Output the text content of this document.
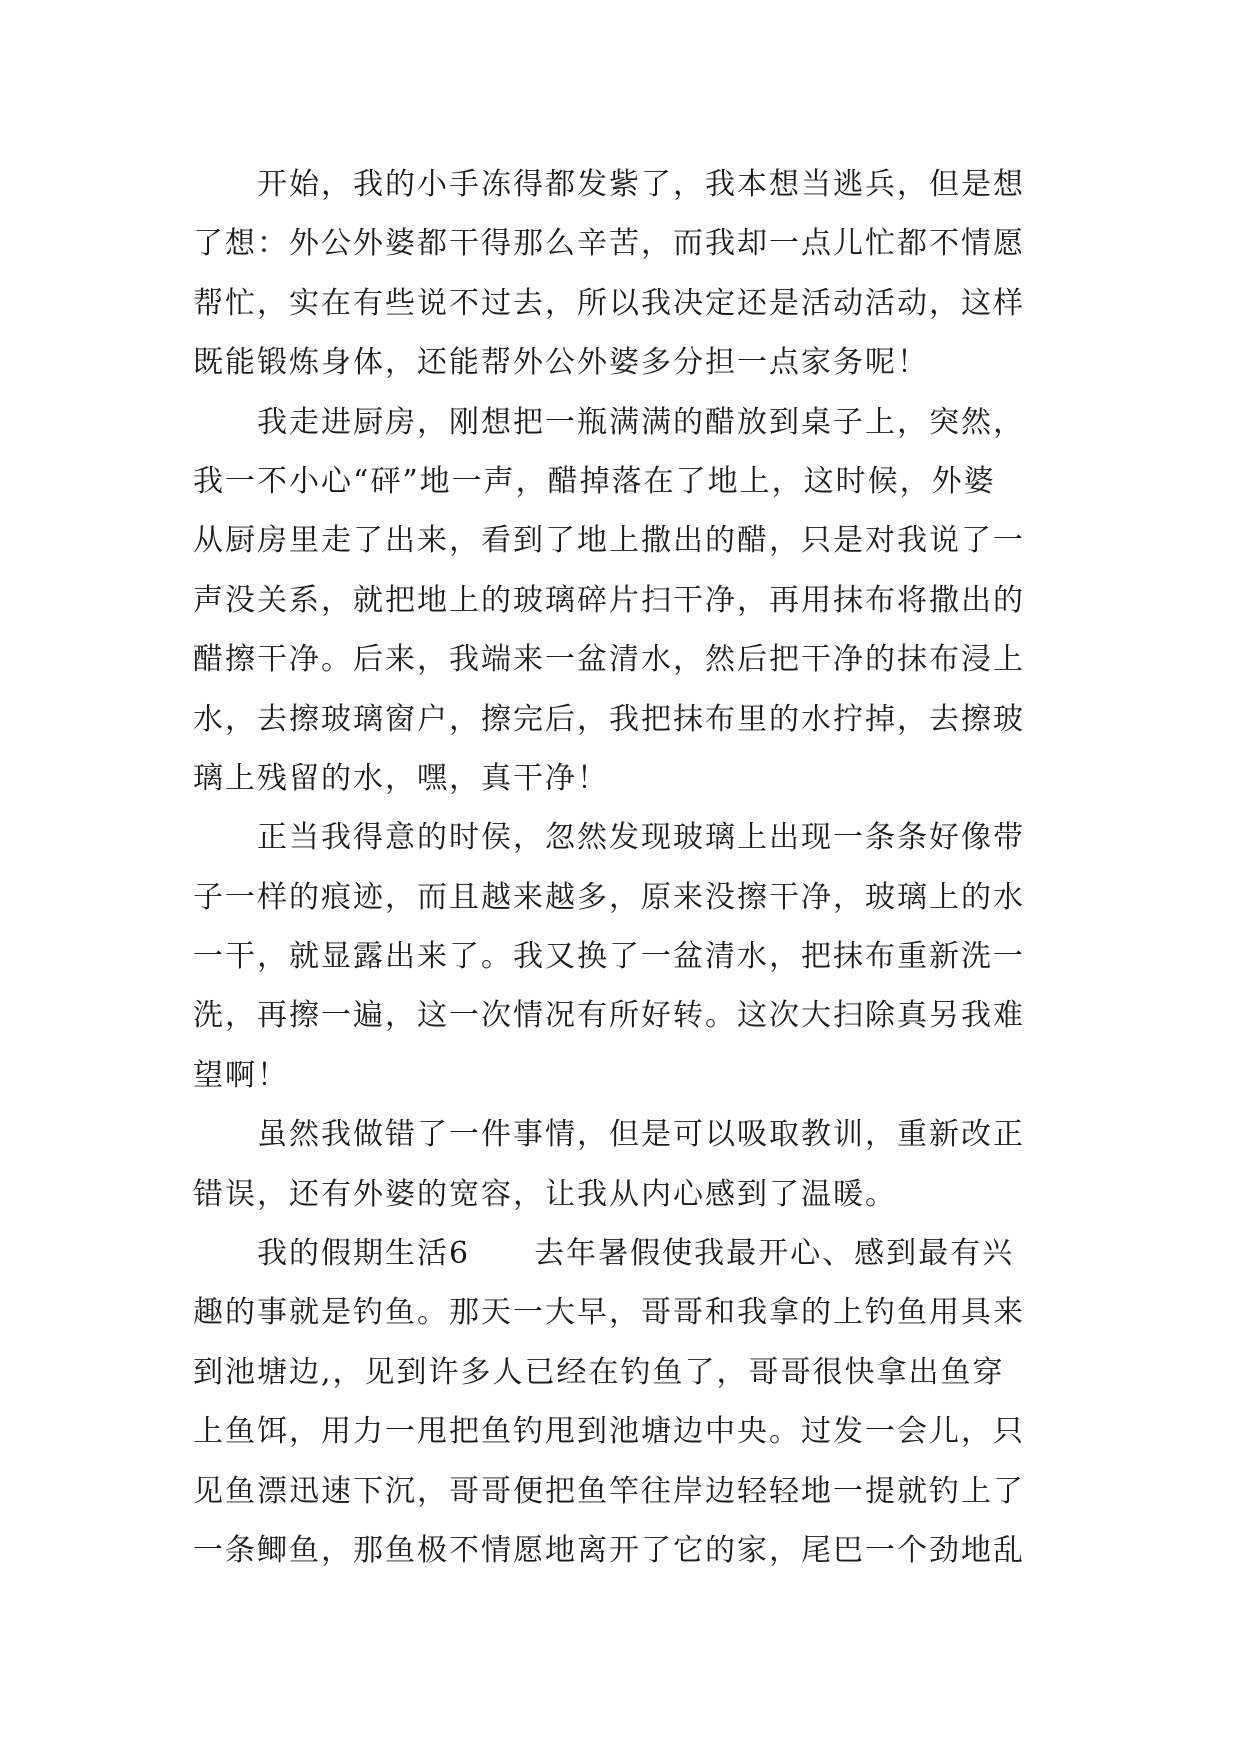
开始，我的小手冻得都发紫了，我本想当逃兵，但是想
了想：外公外婆都干得那么辛苦，而我却一点儿忙都不情愿
帮忙，实在有些说不过去，所以我决定还是活动活动，这样
既能锻炼身体，还能帮外公外婆多分担一点家务呢！
我走进厨房，刚想把一瓶满满的醋放到桌子上，突然，
我一不小心“砰”地一声，醋掉落在了地上，这时候，外婆
从厨房里走了出来，看到了地上撒出的醋，只是对我说了一
声没关系，就把地上的玻璃碎片扫干净，再用抹布将撒出的
醋擦干净。后来，我端来一盆清水，然后把干净的抹布浸上
水，去擦玻璃窗户，擦完后，我把抹布里的水拧掉，去擦玻
璃上残留的水，嘿，真干净！
正当我得意的时侯，忽然发现玻璃上出现一条条好像带
子一样的痕迹，而且越来越多，原来没擦干净，玻璃上的水
一干，就显露出来了。我又换了一盆清水，把抹布重新洗一
洗，再擦一遍，这一次情况有所好转。这次大扫除真另我难
望啊！
虽然我做错了一件事情，但是可以吸取教训，重新改正
错误，还有外婆的宽容，让我从内心感到了温暖。
我的假期生活6　　去年暑假使我最开心、感到最有兴
趣的事就是钓鱼。那天一大早，哥哥和我拿的上钓鱼用具来
到池塘边,，见到许多人已经在钓鱼了，哥哥很快拿出鱼穿
上鱼饵，用力一甩把鱼钓甩到池塘边中央。过发一会儿，只
见鱼漂迅速下沉，哥哥便把鱼竿往岸边轻轻地一提就钓上了
一条鲫鱼，那鱼极不情愿地离开了它的家，尾巴一个劲地乱
